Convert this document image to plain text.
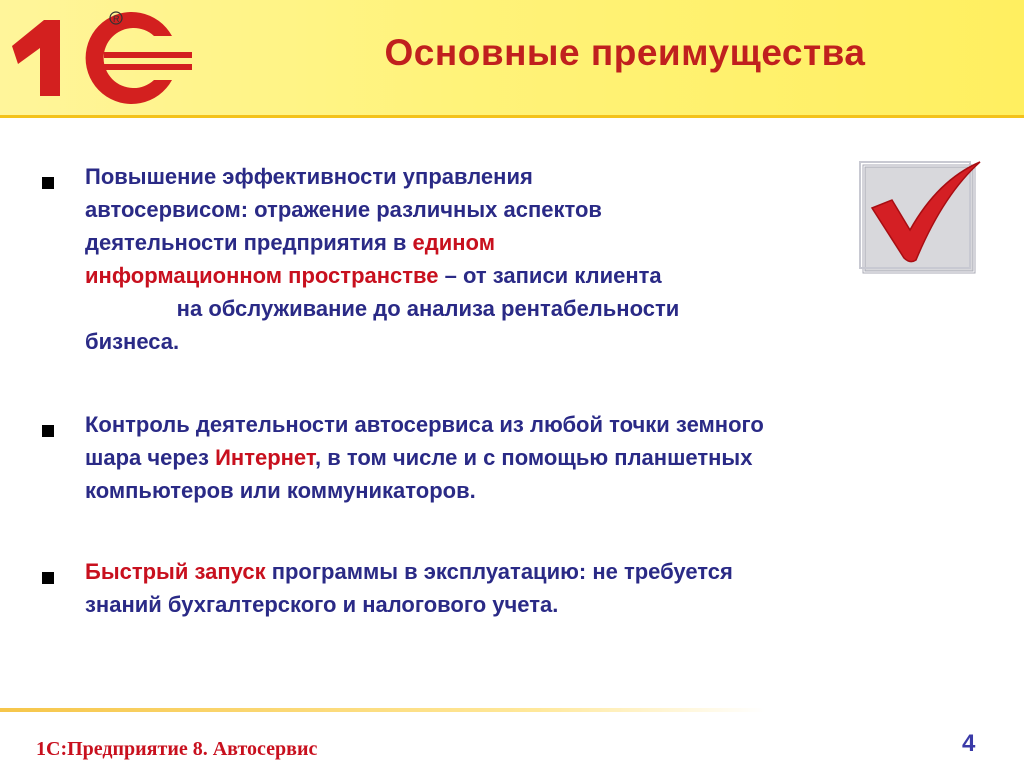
R
Основные преимущества
Повышение эффективности управления
автосервисом: отражение различных аспектов
деятельности предприятия в едином
информационном пространстве – от записи клиента
на обслуживание до анализа рентабельности
бизнеса.
Контроль деятельности автосервиса из любой точки земного
шара через Интернет, в том числе и с помощью планшетных
компьютеров или коммуникаторов.
Быстрый запуск программы в эксплуатацию: не требуется
знаний бухгалтерского и налогового учета.
1С:Предприятие 8. Автосервис	4
